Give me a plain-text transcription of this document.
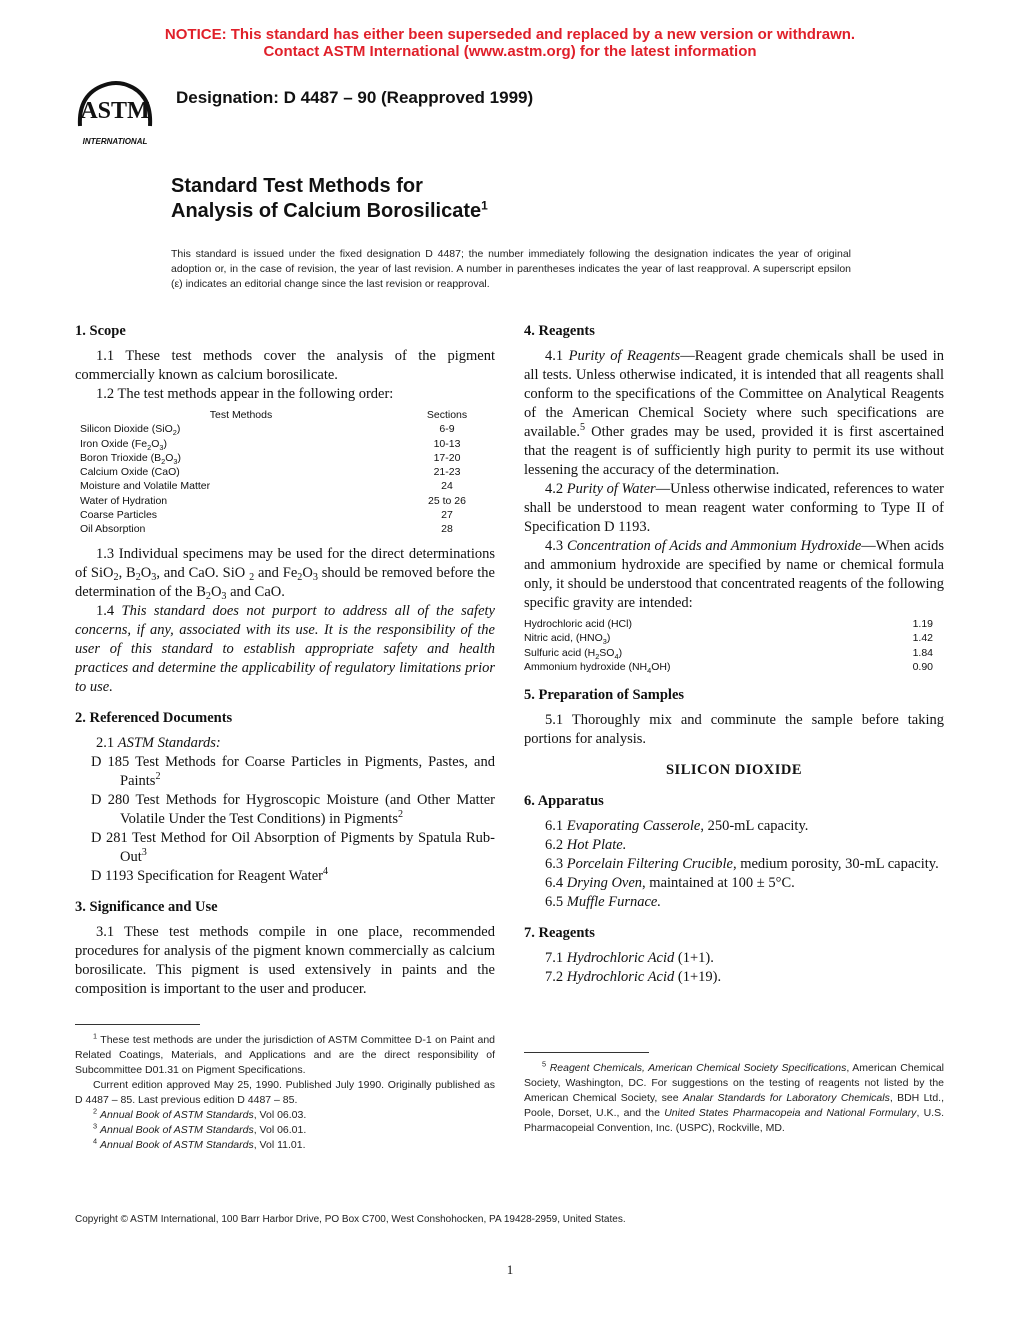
NOTICE: This standard has either been superseded and replaced by a new version or withdrawn.
Contact ASTM International (www.astm.org) for the latest information
ASTM
INTERNATIONAL
Designation: D 4487 – 90 (Reapproved 1999)
Standard Test Methods for
Analysis of Calcium Borosilicate$^1$
This standard is issued under the fixed designation D 4487; the number immediately following the designation indicates the year of original adoption or, in the case of revision, the year of last revision. A number in parentheses indicates the year of last reapproval. A superscript epsilon (ε) indicates an editorial change since the last revision or reapproval.
1. Scope

1.1 These test methods cover the analysis of the pigment commercially known as calcium borosilicate.

1.2 The test methods appear in the following order:

Test Methods	Sections
Silicon Dioxide (SiO$_2$)	6-9
Iron Oxide $(Fe_2O_3)$	10-13
Boron Trioxide $(B_2O_3)$	17-20
Calcium Oxide (CaO)	21-23
Moisture and Volatile Matter	24
Water of Hydration	25 to 26
Coarse Particles	27
Oil Absorption	28

1.3 Individual specimens may be used for the direct determinations of SiO$_2$, $B_2O_3$, and CaO. SiO $_2$ and $Fe_2O_3$ should be removed before the determination of the $B_2O_3$ and CaO.

1.4 This standard does not purport to address all of the safety concerns, if any, associated with its use. It is the responsibility of the user of this standard to establish appropriate safety and health practices and determine the applicability of regulatory limitations prior to use.

2. Referenced Documents

2.1 ASTM Standards:

D 185 Test Methods for Coarse Particles in Pigments, Pastes, and Paints$^2$

D 280 Test Methods for Hygroscopic Moisture (and Other Matter Volatile Under the Test Conditions) in Pigments$^2$

D 281 Test Method for Oil Absorption of Pigments by Spatula Rub-Out$^3$

D 1193 Specification for Reagent Water$^4$

3. Significance and Use

3.1 These test methods compile in one place, recommended procedures for analysis of the pigment known commercially as calcium borosilicate. This pigment is used extensively in paints and the composition is important to the user and producer.

$^1$ These test methods are under the jurisdiction of ASTM Committee D-1 on Paint and Related Coatings, Materials, and Applications and are the direct responsibility of Subcommittee D01.31 on Pigment Specifications.

Current edition approved May 25, 1990. Published July 1990. Originally published as D 4487 – 85. Last previous edition D 4487 – 85.

$^2$ Annual Book of ASTM Standards, Vol 06.03.

$^3$ Annual Book of ASTM Standards, Vol 06.01.

$^4$ Annual Book of ASTM Standards, Vol 11.01.

4. Reagents

4.1 Purity of Reagents—Reagent grade chemicals shall be used in all tests. Unless otherwise indicated, it is intended that all reagents shall conform to the specifications of the Committee on Analytical Reagents of the American Chemical Society where such specifications are available.$^5$ Other grades may be used, provided it is first ascertained that the reagent is of sufficiently high purity to permit its use without lessening the accuracy of the determination.

4.2 Purity of Water—Unless otherwise indicated, references to water shall be understood to mean reagent water conforming to Type II of Specification D 1193.

4.3 Concentration of Acids and Ammonium Hydroxide—When acids and ammonium hydroxide are specified by name or chemical formula only, it should be understood that concentrated reagents of the following specific gravity are intended:

Hydrochloric acid (HCl)	1.19
Nitric acid, $(HNO_3)$	1.42
Sulfuric acid $(H_2SO_4)$	1.84
Ammonium hydroxide $(NH_4OH)$	0.90
5. Preparation of Samples

5.1 Thoroughly mix and comminute the sample before taking portions for analysis.

SILICON DIOXIDE
6. Apparatus

6.1 Evaporating Casserole, 250-mL capacity.

6.2 Hot Plate.

6.3 Porcelain Filtering Crucible, medium porosity, 30-mL capacity.

6.4 Drying Oven, maintained at 100 ± 5°C.

6.5 Muffle Furnace.

7. Reagents

7.1 Hydrochloric Acid (1+1).

7.2 Hydrochloric Acid (1+19).

$^5$ Reagent Chemicals, American Chemical Society Specifications, American Chemical Society, Washington, DC. For suggestions on the testing of reagents not listed by the American Chemical Society, see Analar Standards for Laboratory Chemicals, BDH Ltd., Poole, Dorset, U.K., and the United States Pharmacopeia and National Formulary, U.S. Pharmacopeial Convention, Inc. (USPC), Rockville, MD.

Copyright © ASTM International, 100 Barr Harbor Drive, PO Box C700, West Conshohocken, PA 19428-2959, United States.
1
